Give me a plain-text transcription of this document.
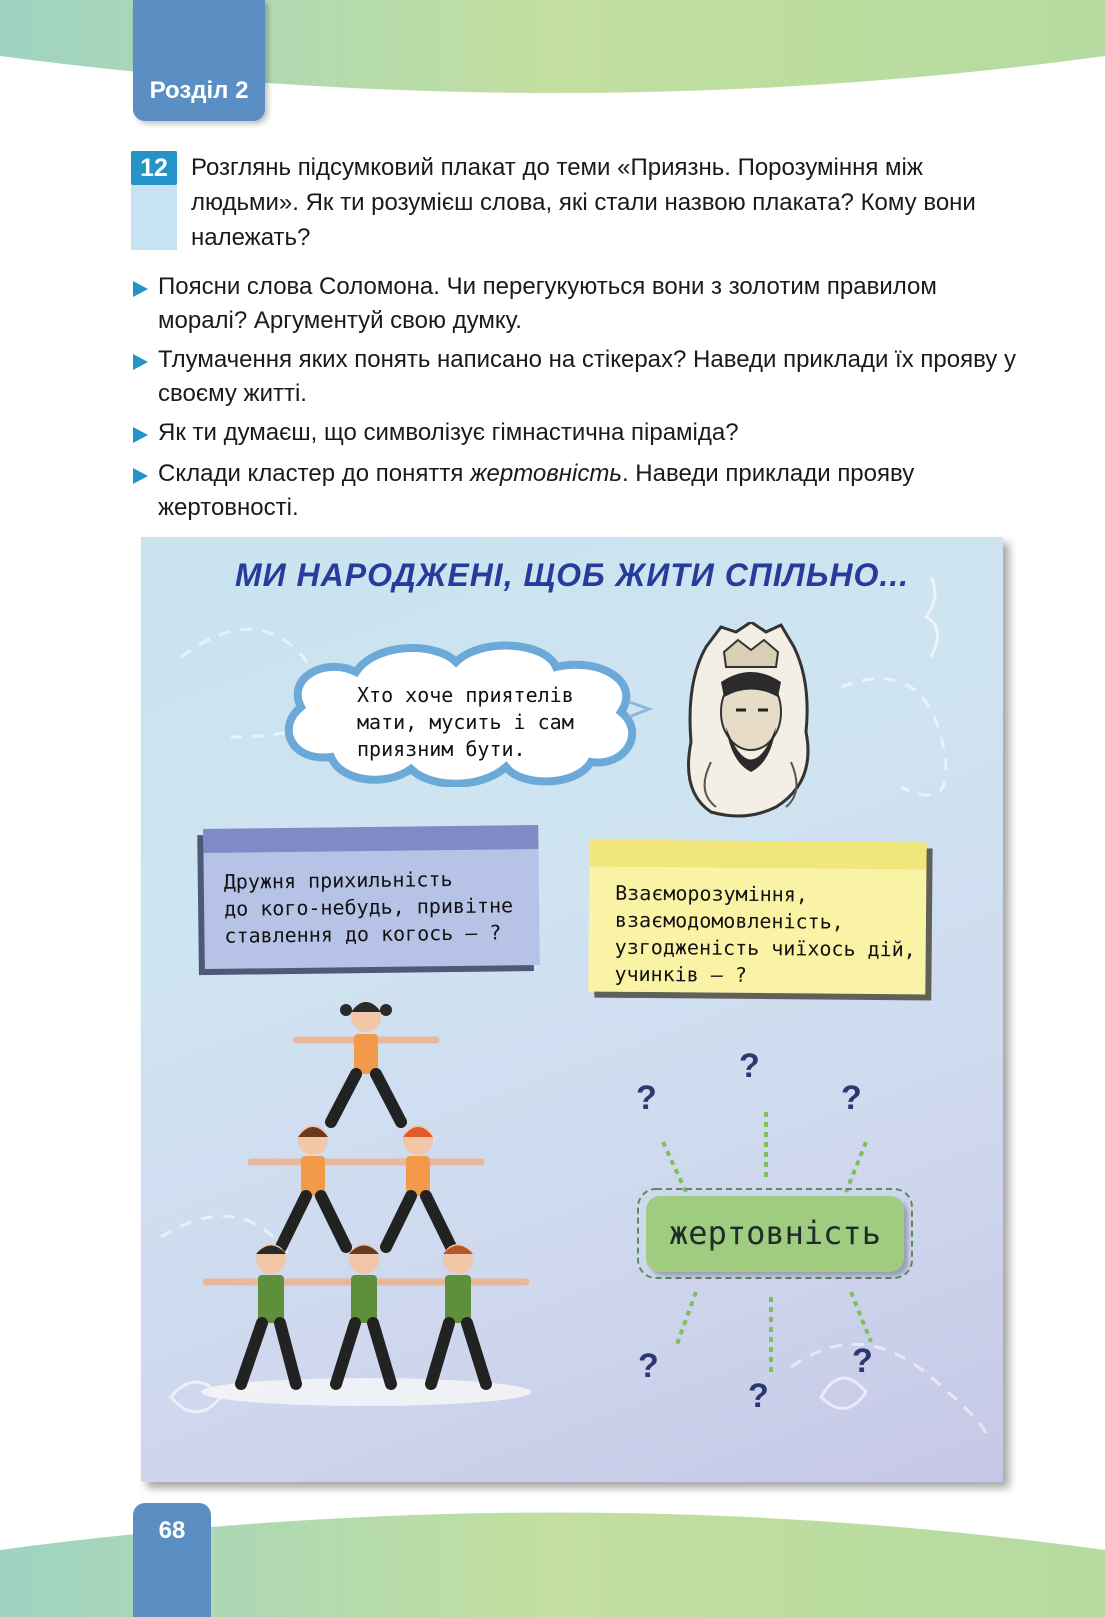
Розділ 2
12 Розглянь підсумковий плакат до теми «Приязнь. Порозуміння між людьми». Як ти розумієш слова, які стали назвою плаката? Кому вони належать?
Поясни слова Соломона. Чи перегукуються вони з золотим правилом моралі? Аргументуй свою думку.
Тлумачення яких понять написано на стікерах? Наведи приклади їх прояву у своєму житті.
Як ти думаєш, що символізує гімнастична піраміда?
Склади кластер до поняття жертовність. Наведи приклади прояву жертовності.
МИ НАРОДЖЕНІ, ЩОБ ЖИТИ СПІЛЬНО...
Хто хоче приятелів
мати, мусить і сам
приязним бути.
Дружня прихильність
до кого-небудь, привітне
ставлення до когось — ?
Взаєморозуміння,
взаємодомовленість,
узгодженість чиїхось дій,
учинків — ?
?
?
?
?
?
?
жертовність
68
